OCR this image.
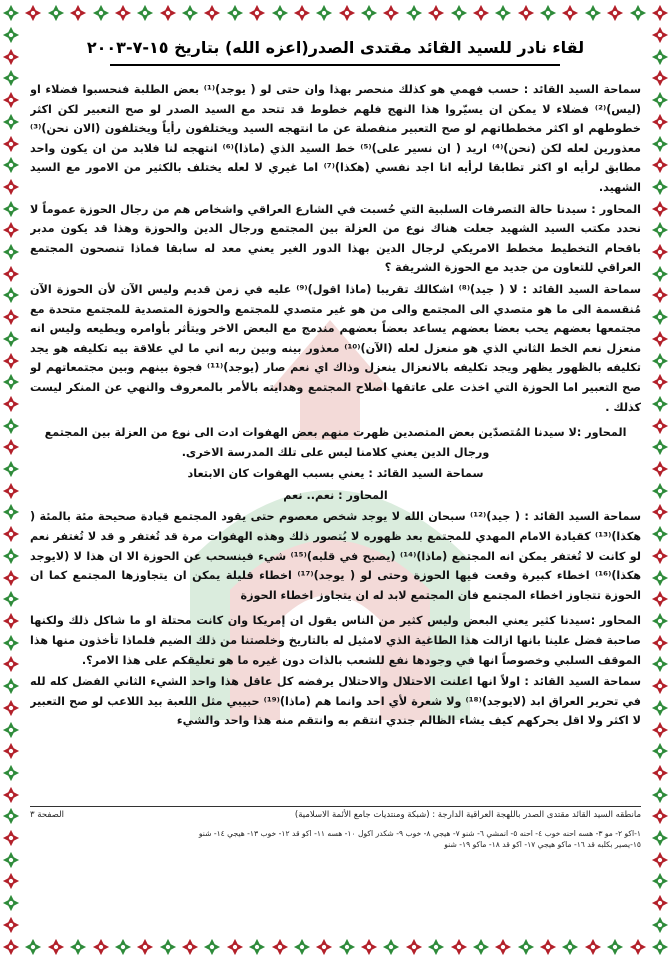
لقاء نادر للسيد القائد مقتدى الصدر(اعزه الله) بتاريخ ١٥-٧-٢٠٠٣

سماحة السيد القائد : حسب فهمي هو كذلك منحصر بهذا وان حتى لو ( يوجد)⁽¹⁾ بعض الطلبة فنحسبوا فضلاء او (ليس)⁽²⁾ فضلاء لا يمكن ان يسيّروا هذا النهج فلهم خطوط قد تتحد مع السيد الصدر لو صح التعبير لكن اكثر خطوطهم او اكثر مخططاتهم لو صح التعبير منفصلة عن ما انتهجه السيد ويختلفون رأياً ويختلفون (الان نحن)⁽³⁾ معذورين لعله لكن (نحن)⁽⁴⁾ اريد ( ان نسير على)⁽⁵⁾ خط السيد الذي (ماذا)⁽⁶⁾ انتهجه لنا فلابد من ان يكون واحد مطابق لرأيه او اكثر تطابقا لرأيه انا اجد نفسي (هكذا)⁽⁷⁾ اما غيري لا لعله يختلف بالكثير من الامور مع السيد الشهيد.

المحاور : سيدنا حالة التصرفات السلبية التي حُسبت في الشارع العراقي واشخاص هم من رجال الحوزة عموماً لا نحدد مكتب السيد الشهيد جعلت هناك نوع من العزلة بين المجتمع ورجال الدين والحوزة وهذا قد يكون مدبر باقحام التخطيط مخطط الامريكي لرجال الدين بهذا الدور الغير يعني معد له سابقا فماذا تنصحون المجتمع العراقي للتعاون من جديد مع الحوزة الشريفة ؟

سماحة السيد القائد : لا ( جيد)⁽⁸⁾ اشكالك تقريبا (ماذا اقول)⁽⁹⁾ عليه في زمن قديم وليس الآن لأن الحوزة الآن مُنقسمة الى ما هو متصدي الى المجتمع والى من هو غير متصدي للمجتمع والحوزة المتصدية للمجتمع متحدة مع مجتمعها بعضهم يحب بعضا بعضهم يساعد بعضاً بعضهم مندمج مع البعض الاخر ويتأثر بأوامره ويطيعه وليس انه منعزل نعم الخط الثاني الذي هو منعزل لعله (الآن)⁽¹⁰⁾ معذور بينه وبين ربه اني ما لي علاقة بيه تكليفه هو يجد تكليفه بالظهور يظهر ويجد تكليفه بالانعزال ينعزل وذاك اي نعم صار (يوجد)⁽¹¹⁾ فجوة بينهم وبين مجتمعاتهم لو صح التعبير اما الحوزة التي اخذت على عاتقها اصلاح المجتمع وهدايته بالأمر بالمعروف والنهي عن المنكر ليست كذلك .

المحاور :لا سيدنا المُتصدّين بعض المتصدين ظهرت منهم بعض الهفوات ادت الى نوع من العزلة بين المجتمع ورجال الدين يعني كلامنا ليس على تلك المدرسة الاخرى.

سماحة السيد القائد : يعني بسبب الهفوات كان الابتعاد

المحاور : نعم.. نعم

سماحة السيد القائد : ( جيد)⁽¹²⁾ سبحان الله لا يوجد شخص معصوم حتى يقود المجتمع قيادة صحيحة مئة بالمئة ( هكذا)⁽¹³⁾ كقيادة الامام المهدي للمجتمع بعد ظهوره لا يُتصور ذلك وهذه الهفوات مرة قد تُغتفر و قد لا تُغتفر نعم لو كانت لا تُغتفر يمكن انه المجتمع (ماذا)⁽¹⁴⁾ (يصبح في قلبه)⁽¹⁵⁾ شيء فينسحب عن الحوزة الا ان هذا لا (لايوجد هكذا)⁽¹⁶⁾ اخطاء كبيرة وقعت فيها الحوزة وحتى لو ( يوجد)⁽¹⁷⁾ اخطاء قليلة يمكن ان يتجاوزها المجتمع كما ان الحوزة تتجاوز اخطاء المجتمع فان المجتمع لابد له ان يتجاوز اخطاء الحوزة

المحاور :سيدنا كثير يعني البعض وليس كثير من الناس يقول ان إمريكا وان كانت محتلة او ما شاكل ذلك ولكنها صاحبة فضل علينا بانها ازالت هذا الطاغية الذي لامثيل له بالتاريخ وخلصتنا من ذلك الضيم فلماذا تأخذون منها هذا الموقف السلبي وخصوصاً انها في وجودها نفع للشعب بالذات دون غيره ما هو تعليقكم على هذا الامر؟.

سماحة السيد القائد : اولاً انها اعلنت الاحتلال والاحتلال يرفضه كل عاقل هذا واحد الشيء الثاني الفضل كله لله في تحرير العراق ابد (لايوجد)⁽¹⁸⁾ ولا شعرة لأي احد وانما هم (ماذا)⁽¹⁹⁾ حبيبي مثل اللعبة بيد اللاعب لو صح التعبير لا اكثر ولا اقل يحركهم كيف يشاء الظالم جندي انتقم به وانتقم منه هذا واحد والشيء

مانطقه السيد القائد مقتدى الصدر باللهجة العراقية الدارجة : (شبكة ومنتديات جامع الأئمة الاسلامية)
الصفحة ٣
١-اكو ٢- مو ٣- هسه احنه خوب ٤- احنه ٥- انمشي ٦- شنو ٧- هيجي ٨- خوب ٩- شكدر اكول ١٠- هسه ١١- اكو قد ١٢- خوب ١٣- هيجي ١٤- شنو
١٥-يصير بكلبه قد ١٦- ماكو هيجي ١٧- اكو قد ١٨- ماكو ١٩- شنو
